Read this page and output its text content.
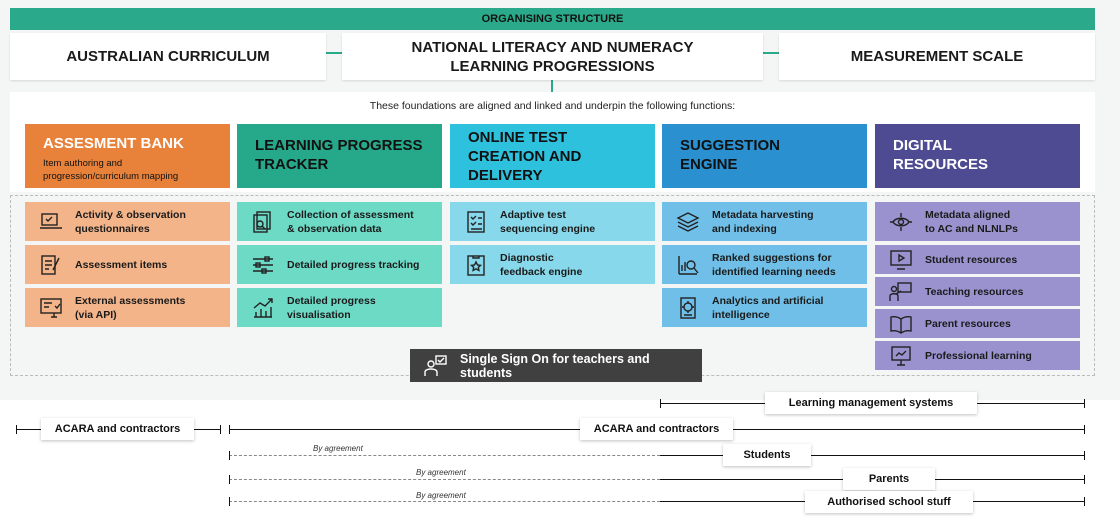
ORGANISING STRUCTURE
AUSTRALIAN CURRICULUM
NATIONAL LITERACY AND NUMERACY
LEARNING PROGRESSIONS
MEASUREMENT SCALE
These foundations are aligned and linked and underpin the following functions:
ASSESMENT BANK
Item authoring and
progression/curriculum mapping
LEARNING PROGRESS
TRACKER
ONLINE TEST
CREATION AND
DELIVERY
SUGGESTION
ENGINE
DIGITAL
RESOURCES
Activity & observation
questionnaires
Assessment items
External assessments
(via API)
Collection of assessment
& observation data
Detailed progress tracking
Detailed progress visualisation
Adaptive test
sequencing engine
Diagnostic
feedback engine
Metadata harvesting
and indexing
Ranked suggestions for
identified learning needs
Analytics and artificial
intelligence
Metadata aligned
to AC and NLNLPs
Student resources
Teaching resources
Parent resources
Professional learning
Single Sign On for teachers and students
Learning management systems
ACARA and contractors	ACARA and contractors
By agreement
Students
By agreement
Parents
By agreement
Authorised school stuff
